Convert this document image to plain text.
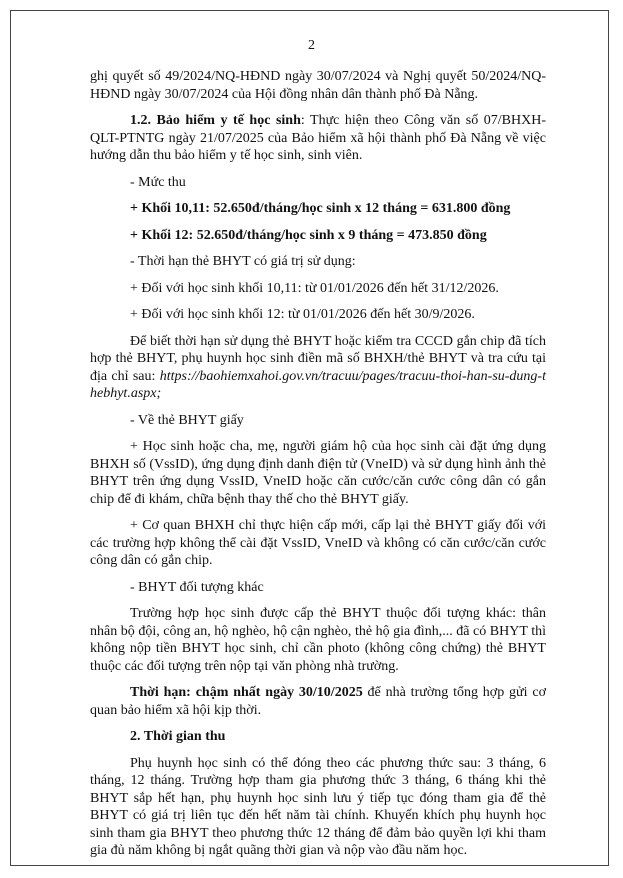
2

ghị quyết số 49/2024/NQ-HĐND ngày 30/07/2024 và Nghị quyết 50/2024/NQ-HĐND ngày 30/07/2024 của Hội đồng nhân dân thành phố Đà Nẵng.

1.2. Bảo hiểm y tế học sinh: Thực hiện theo Công văn số 07/BHXH-QLT-PTNTG ngày 21/07/2025 của Bảo hiểm xã hội thành phố Đà Nẵng về việc hướng dẫn thu bảo hiểm y tế học sinh, sinh viên.

- Mức thu

+ Khối 10,11: 52.650đ/tháng/học sinh x 12 tháng = 631.800 đồng

+ Khối 12: 52.650đ/tháng/học sinh x 9 tháng = 473.850 đồng

- Thời hạn thẻ BHYT có giá trị sử dụng:

+ Đối với học sinh khối 10,11: từ 01/01/2026 đến hết 31/12/2026.

+ Đối với học sinh khối 12: từ 01/01/2026 đến hết 30/9/2026.

Để biết thời hạn sử dụng thẻ BHYT hoặc kiểm tra CCCD gắn chip đã tích hợp thẻ BHYT, phụ huynh học sinh điền mã số BHXH/thẻ BHYT và tra cứu tại địa chỉ sau: https://baohiemxahoi.gov.vn/tracuu/pages/tracuu-thoi-han-su-dung-thebhyt.aspx;

- Về thẻ BHYT giấy

+ Học sinh hoặc cha, mẹ, người giám hộ của học sinh cài đặt ứng dụng BHXH số (VssID), ứng dụng định danh điện tử (VneID) và sử dụng hình ảnh thẻ BHYT trên ứng dụng VssID, VneID hoặc căn cước/căn cước công dân có gắn chip để đi khám, chữa bệnh thay thế cho thẻ BHYT giấy.

+ Cơ quan BHXH chỉ thực hiện cấp mới, cấp lại thẻ BHYT giấy đối với các trường hợp không thể cài đặt VssID, VneID và không có căn cước/căn cước công dân có gắn chip.

- BHYT đối tượng khác

Trường hợp học sinh được cấp thẻ BHYT thuộc đối tượng khác: thân nhân bộ đội, công an, hộ nghèo, hộ cận nghèo, thẻ hộ gia đình,... đã có BHYT thì không nộp tiền BHYT học sinh, chỉ cần photo (không công chứng) thẻ BHYT thuộc các đối tượng trên nộp tại văn phòng nhà trường.

Thời hạn: chậm nhất ngày 30/10/2025 để nhà trường tổng hợp gửi cơ quan bảo hiểm xã hội kịp thời.

2. Thời gian thu

Phụ huynh học sinh có thể đóng theo các phương thức sau: 3 tháng, 6 tháng, 12 tháng. Trường hợp tham gia phương thức 3 tháng, 6 tháng khi thẻ BHYT sắp hết hạn, phụ huynh học sinh lưu ý tiếp tục đóng tham gia để thẻ BHYT có giá trị liên tục đến hết năm tài chính. Khuyến khích phụ huynh học sinh tham gia BHYT theo phương thức 12 tháng để đảm bảo quyền lợi khi tham gia đủ năm không bị ngắt quãng thời gian và nộp vào đầu năm học.
